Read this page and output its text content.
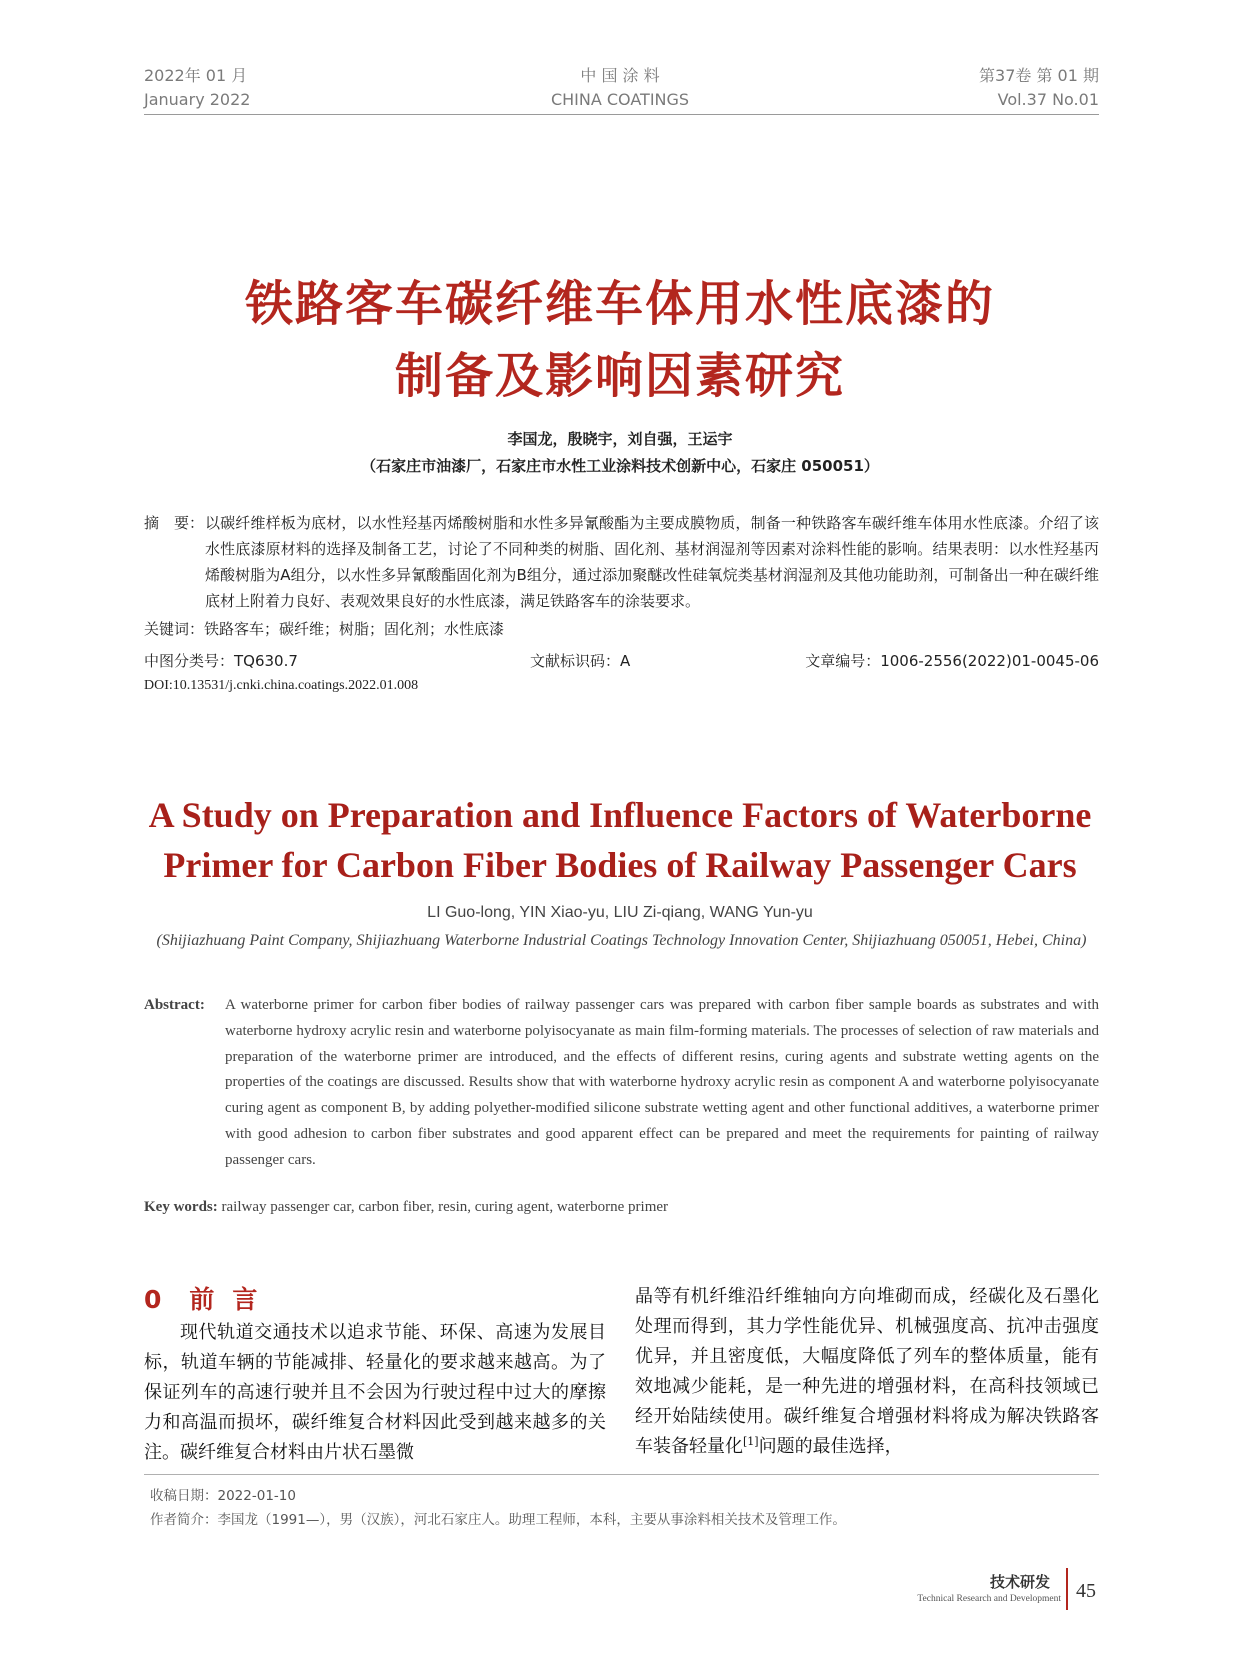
2022年 01 月
January 2022
中 国 涂 料
CHINA COATINGS
第37卷 第 01 期
Vol.37 No.01
铁路客车碳纤维车体用水性底漆的
制备及影响因素研究
李国龙，殷晓宇，刘自强，王运宇
（石家庄市油漆厂，石家庄市水性工业涂料技术创新中心，石家庄 050051）
摘　要： 以碳纤维样板为底材，以水性羟基丙烯酸树脂和水性多异氰酸酯为主要成膜物质，制备一种铁路客车碳纤维车体用水性底漆。介绍了该水性底漆原材料的选择及制备工艺，讨论了不同种类的树脂、固化剂、基材润湿剂等因素对涂料性能的影响。结果表明：以水性羟基丙烯酸树脂为A组分，以水性多异氰酸酯固化剂为B组分，通过添加聚醚改性硅氧烷类基材润湿剂及其他功能助剂，可制备出一种在碳纤维底材上附着力良好、表观效果良好的水性底漆，满足铁路客车的涂装要求。
关键词：铁路客车；碳纤维；树脂；固化剂；水性底漆
中图分类号：TQ630.7	文献标识码：A	文章编号：1006-2556(2022)01-0045-06
DOI:10.13531/j.cnki.china.coatings.2022.01.008
A Study on Preparation and Influence Factors of Waterborne
Primer for Carbon Fiber Bodies of Railway Passenger Cars
LI Guo-long, YIN Xiao-yu, LIU Zi-qiang, WANG Yun-yu
(Shijiazhuang Paint Company, Shijiazhuang Waterborne Industrial Coatings Technology Innovation Center, Shijiazhuang 050051, Hebei, China)
Abstract: A waterborne primer for carbon fiber bodies of railway passenger cars was prepared with carbon fiber sample boards as substrates and with waterborne hydroxy acrylic resin and waterborne polyisocyanate as main film-forming materials. The processes of selection of raw materials and preparation of the waterborne primer are introduced, and the effects of different resins, curing agents and substrate wetting agents on the properties of the coatings are discussed. Results show that with waterborne hydroxy acrylic resin as component A and waterborne polyisocyanate curing agent as component B, by adding polyether-modified silicone substrate wetting agent and other functional additives, a waterborne primer with good adhesion to carbon fiber substrates and good apparent effect can be prepared and meet the requirements for painting of railway passenger cars.
Key words: railway passenger car, carbon fiber, resin, curing agent, waterborne primer
0 前言
现代轨道交通技术以追求节能、环保、高速为发展目标，轨道车辆的节能减排、轻量化的要求越来越高。为了保证列车的高速行驶并且不会因为行驶过程中过大的摩擦力和高温而损坏，碳纤维复合材料因此受到越来越多的关注。碳纤维复合材料由片状石墨微
晶等有机纤维沿纤维轴向方向堆砌而成，经碳化及石墨化处理而得到，其力学性能优异、机械强度高、抗冲击强度优异，并且密度低，大幅度降低了列车的整体质量，能有效地减少能耗，是一种先进的增强材料，在高科技领域已经开始陆续使用。碳纤维复合增强材料将成为解决铁路客车装备轻量化[1]问题的最佳选择，
收稿日期：2022-01-10
作者简介：李国龙（1991—），男（汉族），河北石家庄人。助理工程师，本科，主要从事涂料相关技术及管理工作。
技术研发
Technical Research and Development 45
